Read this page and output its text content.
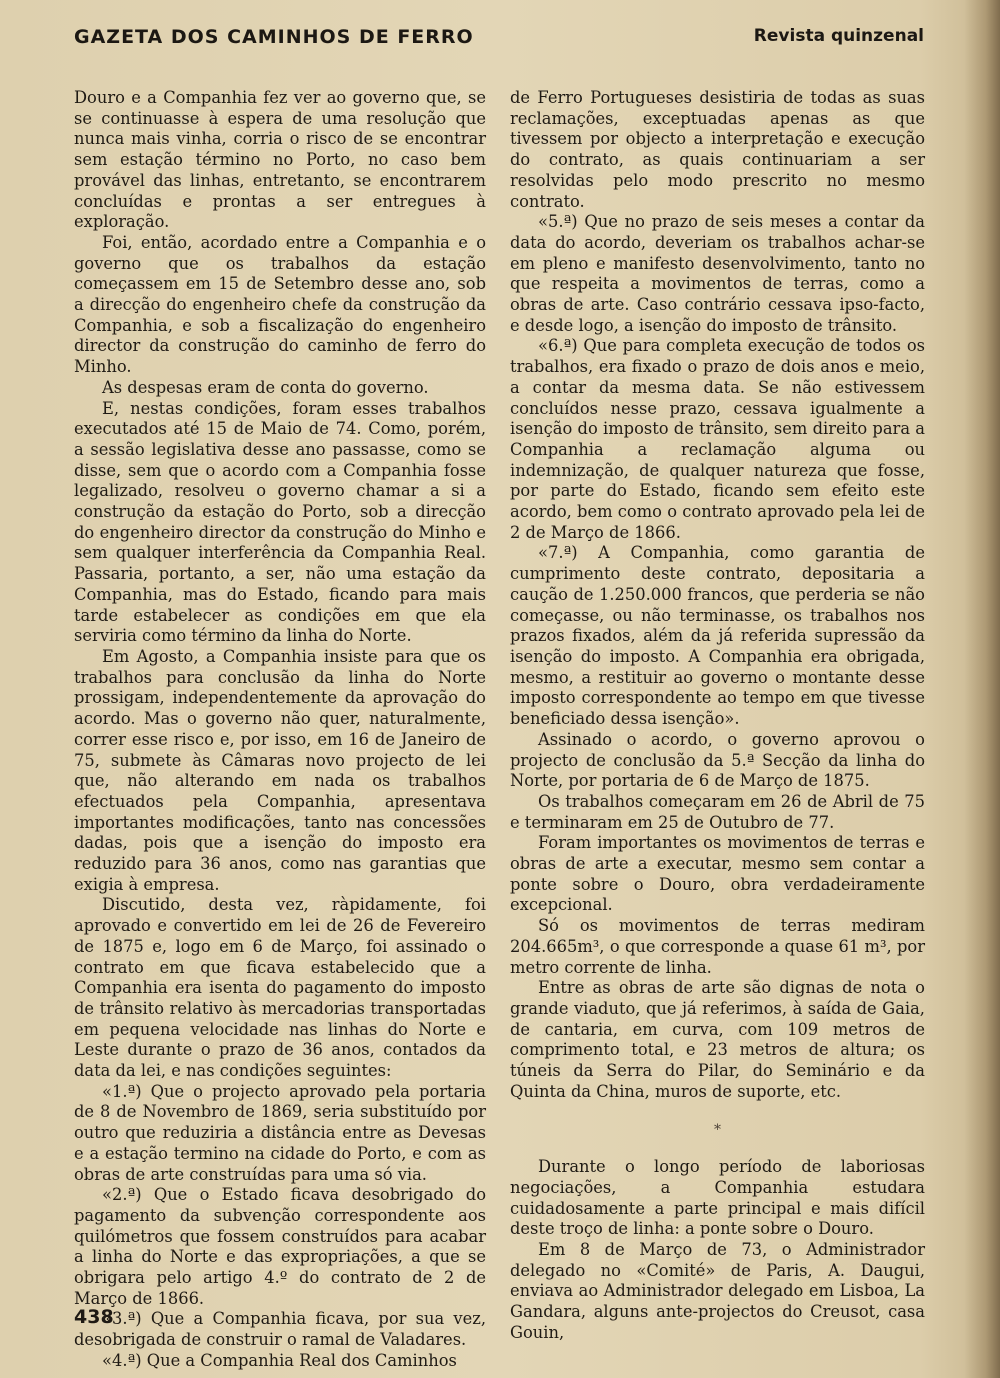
GAZETA DOS CAMINHOS DE FERRO	Revista quinzenal

Douro e a Companhia fez ver ao governo que, se se continuasse à espera de uma resolução que nunca mais vinha, corria o risco de se encontrar sem estação término no Porto, no caso bem provável das linhas, entretanto, se encontrarem concluídas e prontas a ser entregues à exploração.

Foi, então, acordado entre a Companhia e o governo que os trabalhos da estação começassem em 15 de Setembro desse ano, sob a direcção do engenheiro chefe da construção da Companhia, e sob a fiscalização do engenheiro director da construção do caminho de ferro do Minho.

As despesas eram de conta do governo.

E, nestas condições, foram esses trabalhos executados até 15 de Maio de 74. Como, porém, a sessão legislativa desse ano passasse, como se disse, sem que o acordo com a Companhia fosse legalizado, resolveu o governo chamar a si a construção da estação do Porto, sob a direcção do engenheiro director da construção do Minho e sem qualquer interferência da Companhia Real. Passaria, portanto, a ser, não uma estação da Companhia, mas do Estado, ficando para mais tarde estabelecer as condições em que ela serviria como término da linha do Norte.

Em Agosto, a Companhia insiste para que os trabalhos para conclusão da linha do Norte prossigam, independentemente da aprovação do acordo. Mas o governo não quer, naturalmente, correr esse risco e, por isso, em 16 de Janeiro de 75, submete às Câmaras novo projecto de lei que, não alterando em nada os trabalhos efectuados pela Companhia, apresentava importantes modificações, tanto nas concessões dadas, pois que a isenção do imposto era reduzido para 36 anos, como nas garantias que exigia à empresa.

Discutido, desta vez, ràpidamente, foi aprovado e convertido em lei de 26 de Fevereiro de 1875 e, logo em 6 de Março, foi assinado o contrato em que ficava estabelecido que a Companhia era isenta do pagamento do imposto de trânsito relativo às mercadorias transportadas em pequena velocidade nas linhas do Norte e Leste durante o prazo de 36 anos, contados da data da lei, e nas condições seguintes:

«1.ª) Que o projecto aprovado pela portaria de 8 de Novembro de 1869, seria substituído por outro que reduziria a distância entre as Devesas e a estação termino na cidade do Porto, e com as obras de arte construídas para uma só via.

«2.ª) Que o Estado ficava desobrigado do pagamento da subvenção correspondente aos quilómetros que fossem construídos para acabar a linha do Norte e das expropriações, a que se obrigara pelo artigo 4.º do contrato de 2 de Março de 1866.

«3.ª) Que a Companhia ficava, por sua vez, desobrigada de construir o ramal de Valadares.

«4.ª) Que a Companhia Real dos Caminhos

de Ferro Portugueses desistiria de todas as suas reclamações, exceptuadas apenas as que tivessem por objecto a interpretação e execução do contrato, as quais continuariam a ser resolvidas pelo modo prescrito no mesmo contrato.

«5.ª) Que no prazo de seis meses a contar da data do acordo, deveriam os trabalhos achar-se em pleno e manifesto desenvolvimento, tanto no que respeita a movimentos de terras, como a obras de arte. Caso contrário cessava ipso-facto, e desde logo, a isenção do imposto de trânsito.

«6.ª) Que para completa execução de todos os trabalhos, era fixado o prazo de dois anos e meio, a contar da mesma data. Se não estivessem concluídos nesse prazo, cessava igualmente a isenção do imposto de trânsito, sem direito para a Companhia a reclamação alguma ou indemnização, de qualquer natureza que fosse, por parte do Estado, ficando sem efeito este acordo, bem como o contrato aprovado pela lei de 2 de Março de 1866.

«7.ª) A Companhia, como garantia de cumprimento deste contrato, depositaria a caução de 1.250.000 francos, que perderia se não começasse, ou não terminasse, os trabalhos nos prazos fixados, além da já referida supressão da isenção do imposto. A Companhia era obrigada, mesmo, a restituir ao governo o montante desse imposto correspondente ao tempo em que tivesse beneficiado dessa isenção».

Assinado o acordo, o governo aprovou o projecto de conclusão da 5.ª Secção da linha do Norte, por portaria de 6 de Março de 1875.

Os trabalhos começaram em 26 de Abril de 75 e terminaram em 25 de Outubro de 77.

Foram importantes os movimentos de terras e obras de arte a executar, mesmo sem contar a ponte sobre o Douro, obra verdadeiramente excepcional.

Só os movimentos de terras mediram 204.665m³, o que corresponde a quase 61 m³, por metro corrente de linha.

Entre as obras de arte são dignas de nota o grande viaduto, que já referimos, à saída de Gaia, de cantaria, em curva, com 109 metros de comprimento total, e 23 metros de altura; os túneis da Serra do Pilar, do Seminário e da Quinta da China, muros de suporte, etc.

*

Durante o longo período de laboriosas negociações, a Companhia estudara cuidadosamente a parte principal e mais difícil deste troço de linha: a ponte sobre o Douro.

Em 8 de Março de 73, o Administrador delegado no «Comité» de Paris, A. Daugui, enviava ao Administrador delegado em Lisboa, La Gandara, alguns ante-projectos do Creusot, casa Gouin,

438
